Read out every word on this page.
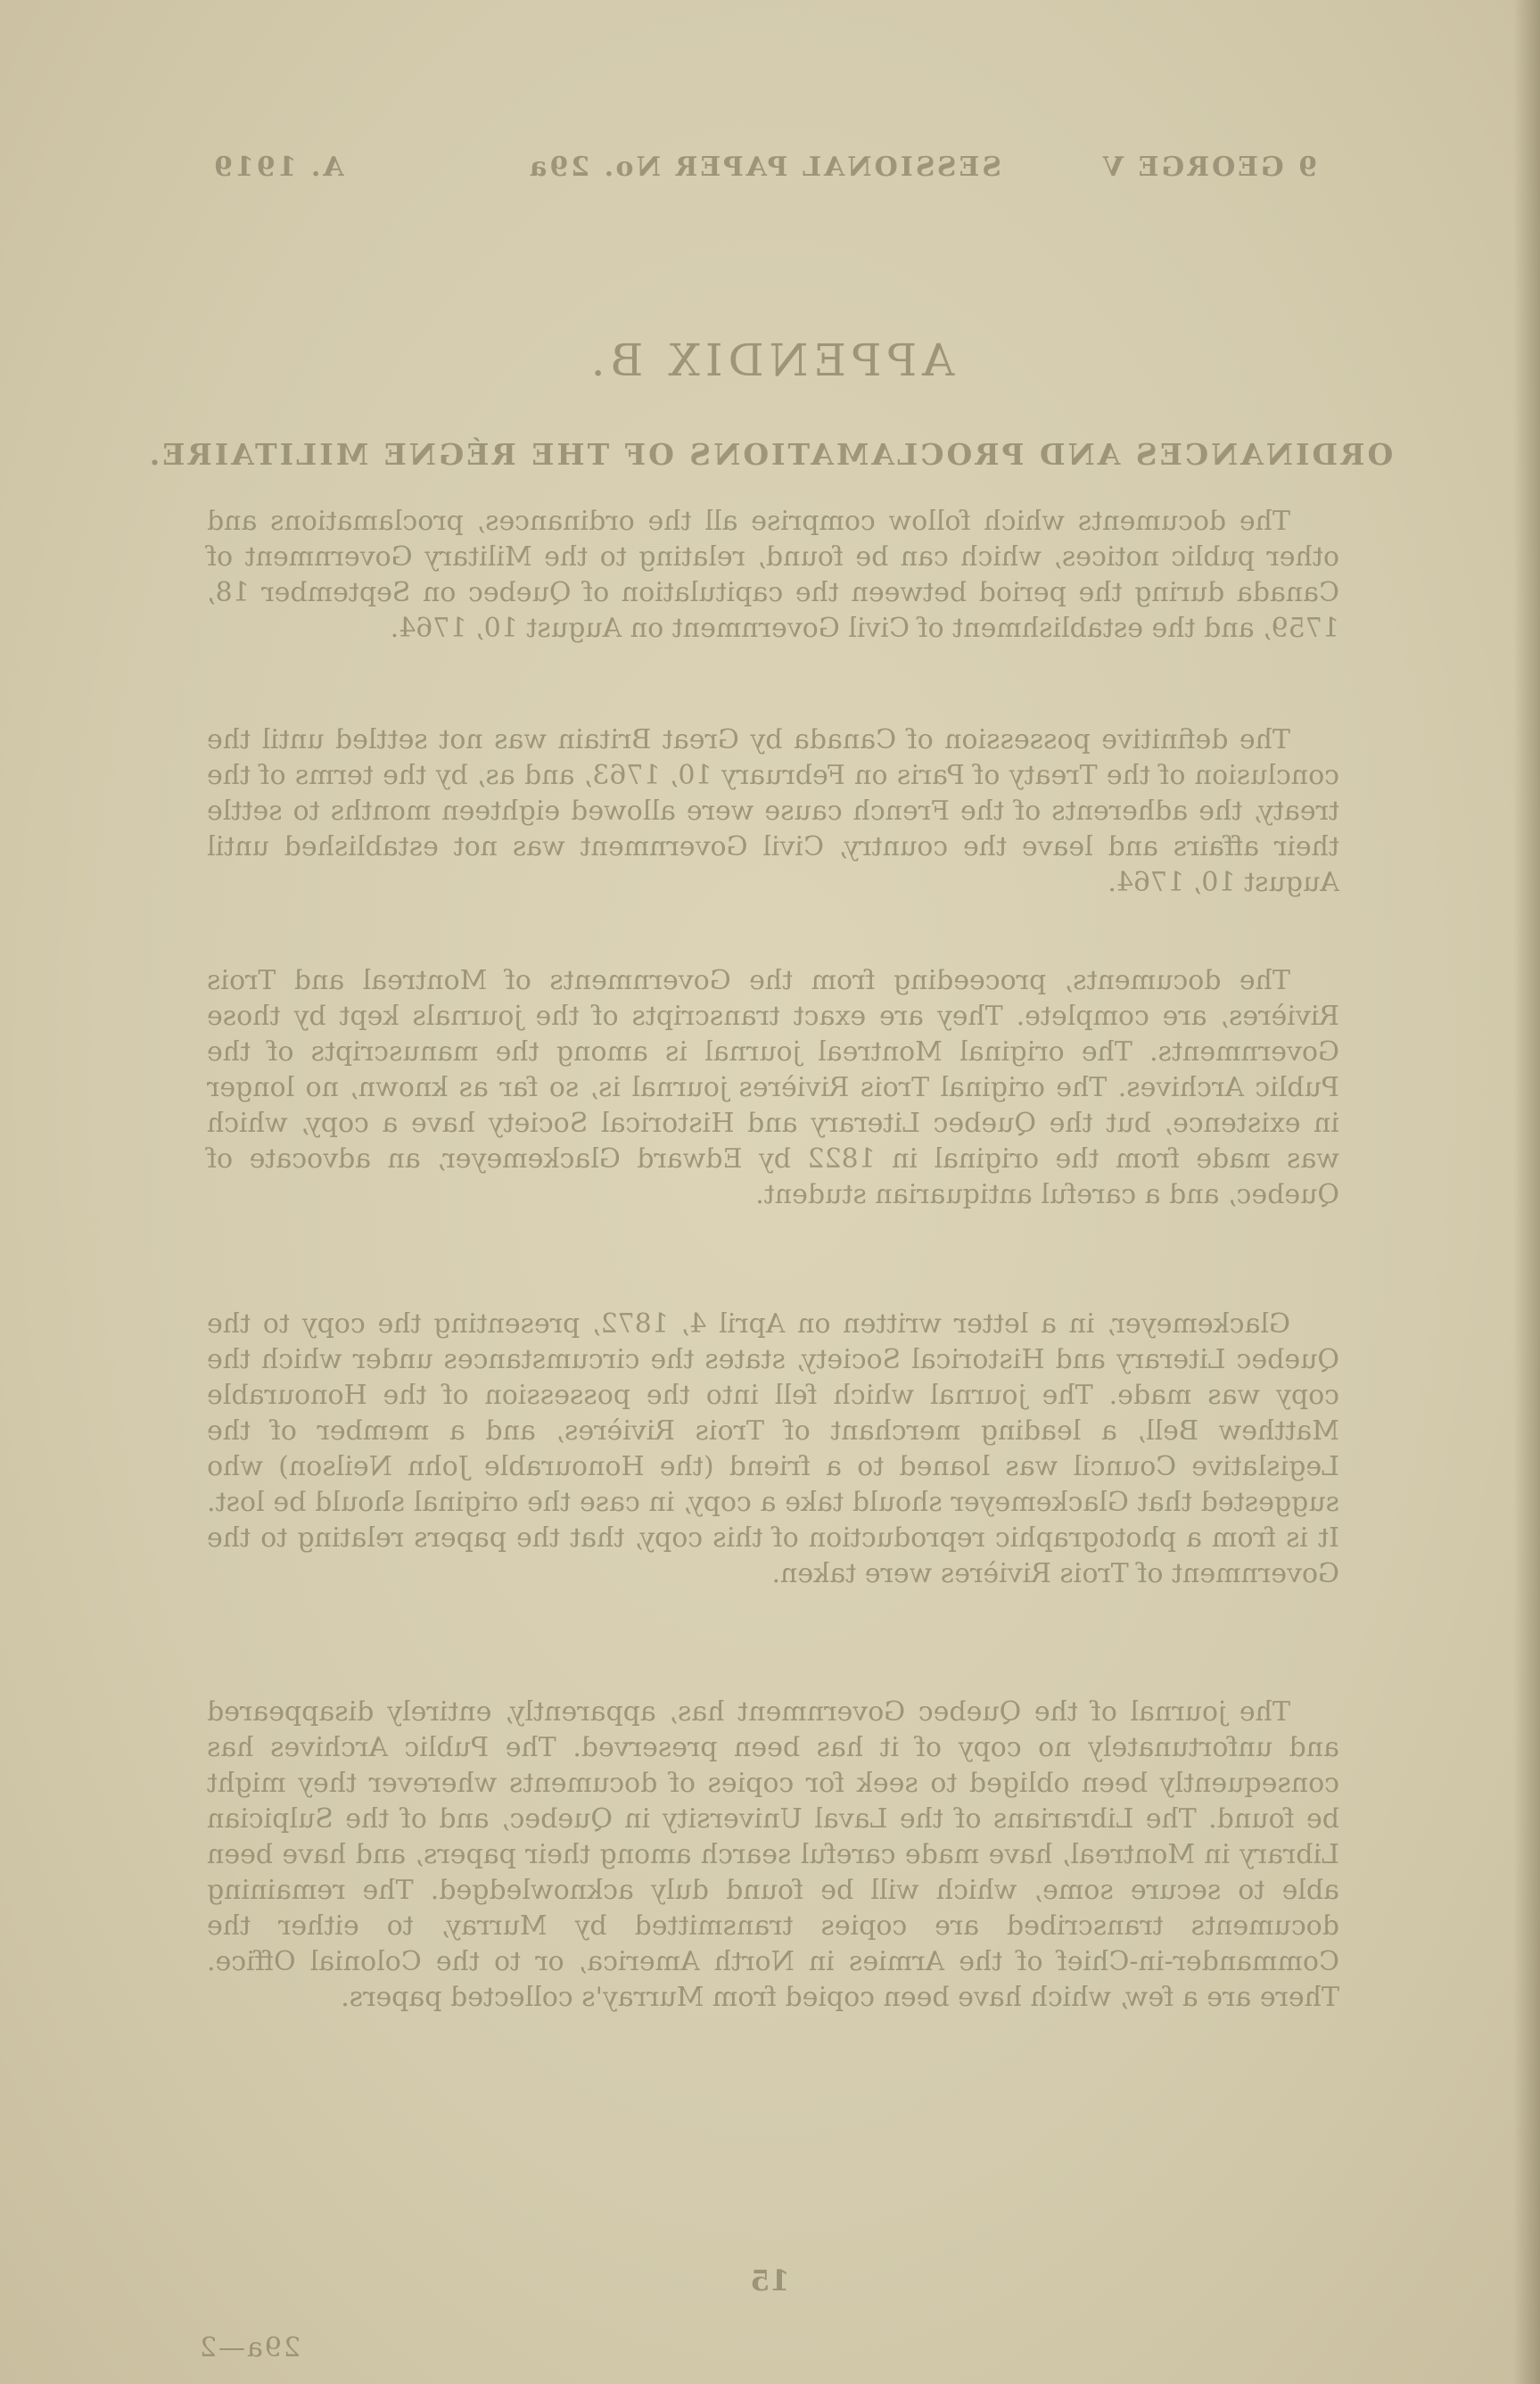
9 GEORGE V
SESSIONAL PAPER No. 29a
A. 1919
APPENDIX B.
ORDINANCES AND PROCLAMATIONS OF THE RÉGNE MILITAIRE.

The documents which follow comprise all the ordinances, proclamations and other public notices, which can be found, relating to the Military Government of Canada during the period between the capitulation of Quebec on September 18, 1759, and the establishment of Civil Government on August 10, 1764.

The definitive possession of Canada by Great Britain was not settled until the conclusion of the Treaty of Paris on February 10, 1763, and as, by the terms of the treaty, the adherents of the French cause were allowed eighteen months to settle their affairs and leave the country, Civil Government was not established until August 10, 1764.

The documents, proceeding from the Governments of Montreal and Trois Rivières, are complete. They are exact transcripts of the journals kept by those Governments. The original Montreal journal is among the manuscripts of the Public Archives. The original Trois Rivières journal is, so far as known, no longer in existence, but the Quebec Literary and Historical Society have a copy, which was made from the original in 1822 by Edward Glackemeyer, an advocate of Quebec, and a careful antiquarian student.

Glackemeyer, in a letter written on April 4, 1872, presenting the copy to the Quebec Literary and Historical Society, states the circumstances under which the copy was made. The journal which fell into the possession of the Honourable Matthew Bell, a leading merchant of Trois Rivières, and a member of the Legislative Council was loaned to a friend (the Honourable John Neilson) who suggested that Glackemeyer should take a copy, in case the original should be lost. It is from a photographic reproduction of this copy, that the papers relating to the Government of Trois Rivières were taken.

The journal of the Quebec Government has, apparently, entirely disappeared and unfortunately no copy of it has been preserved. The Public Archives has consequently been obliged to seek for copies of documents wherever they might be found. The Librarians of the Laval University in Quebec, and of the Sulpician Library in Montreal, have made careful search among their papers, and have been able to secure some, which will be found duly acknowledged. The remaining documents transcribed are copies transmitted by Murray, to either the Commander-in-Chief of the Armies in North America, or to the Colonial Office. There are a few, which have been copied from Murray's collected papers.

15
29a—2
